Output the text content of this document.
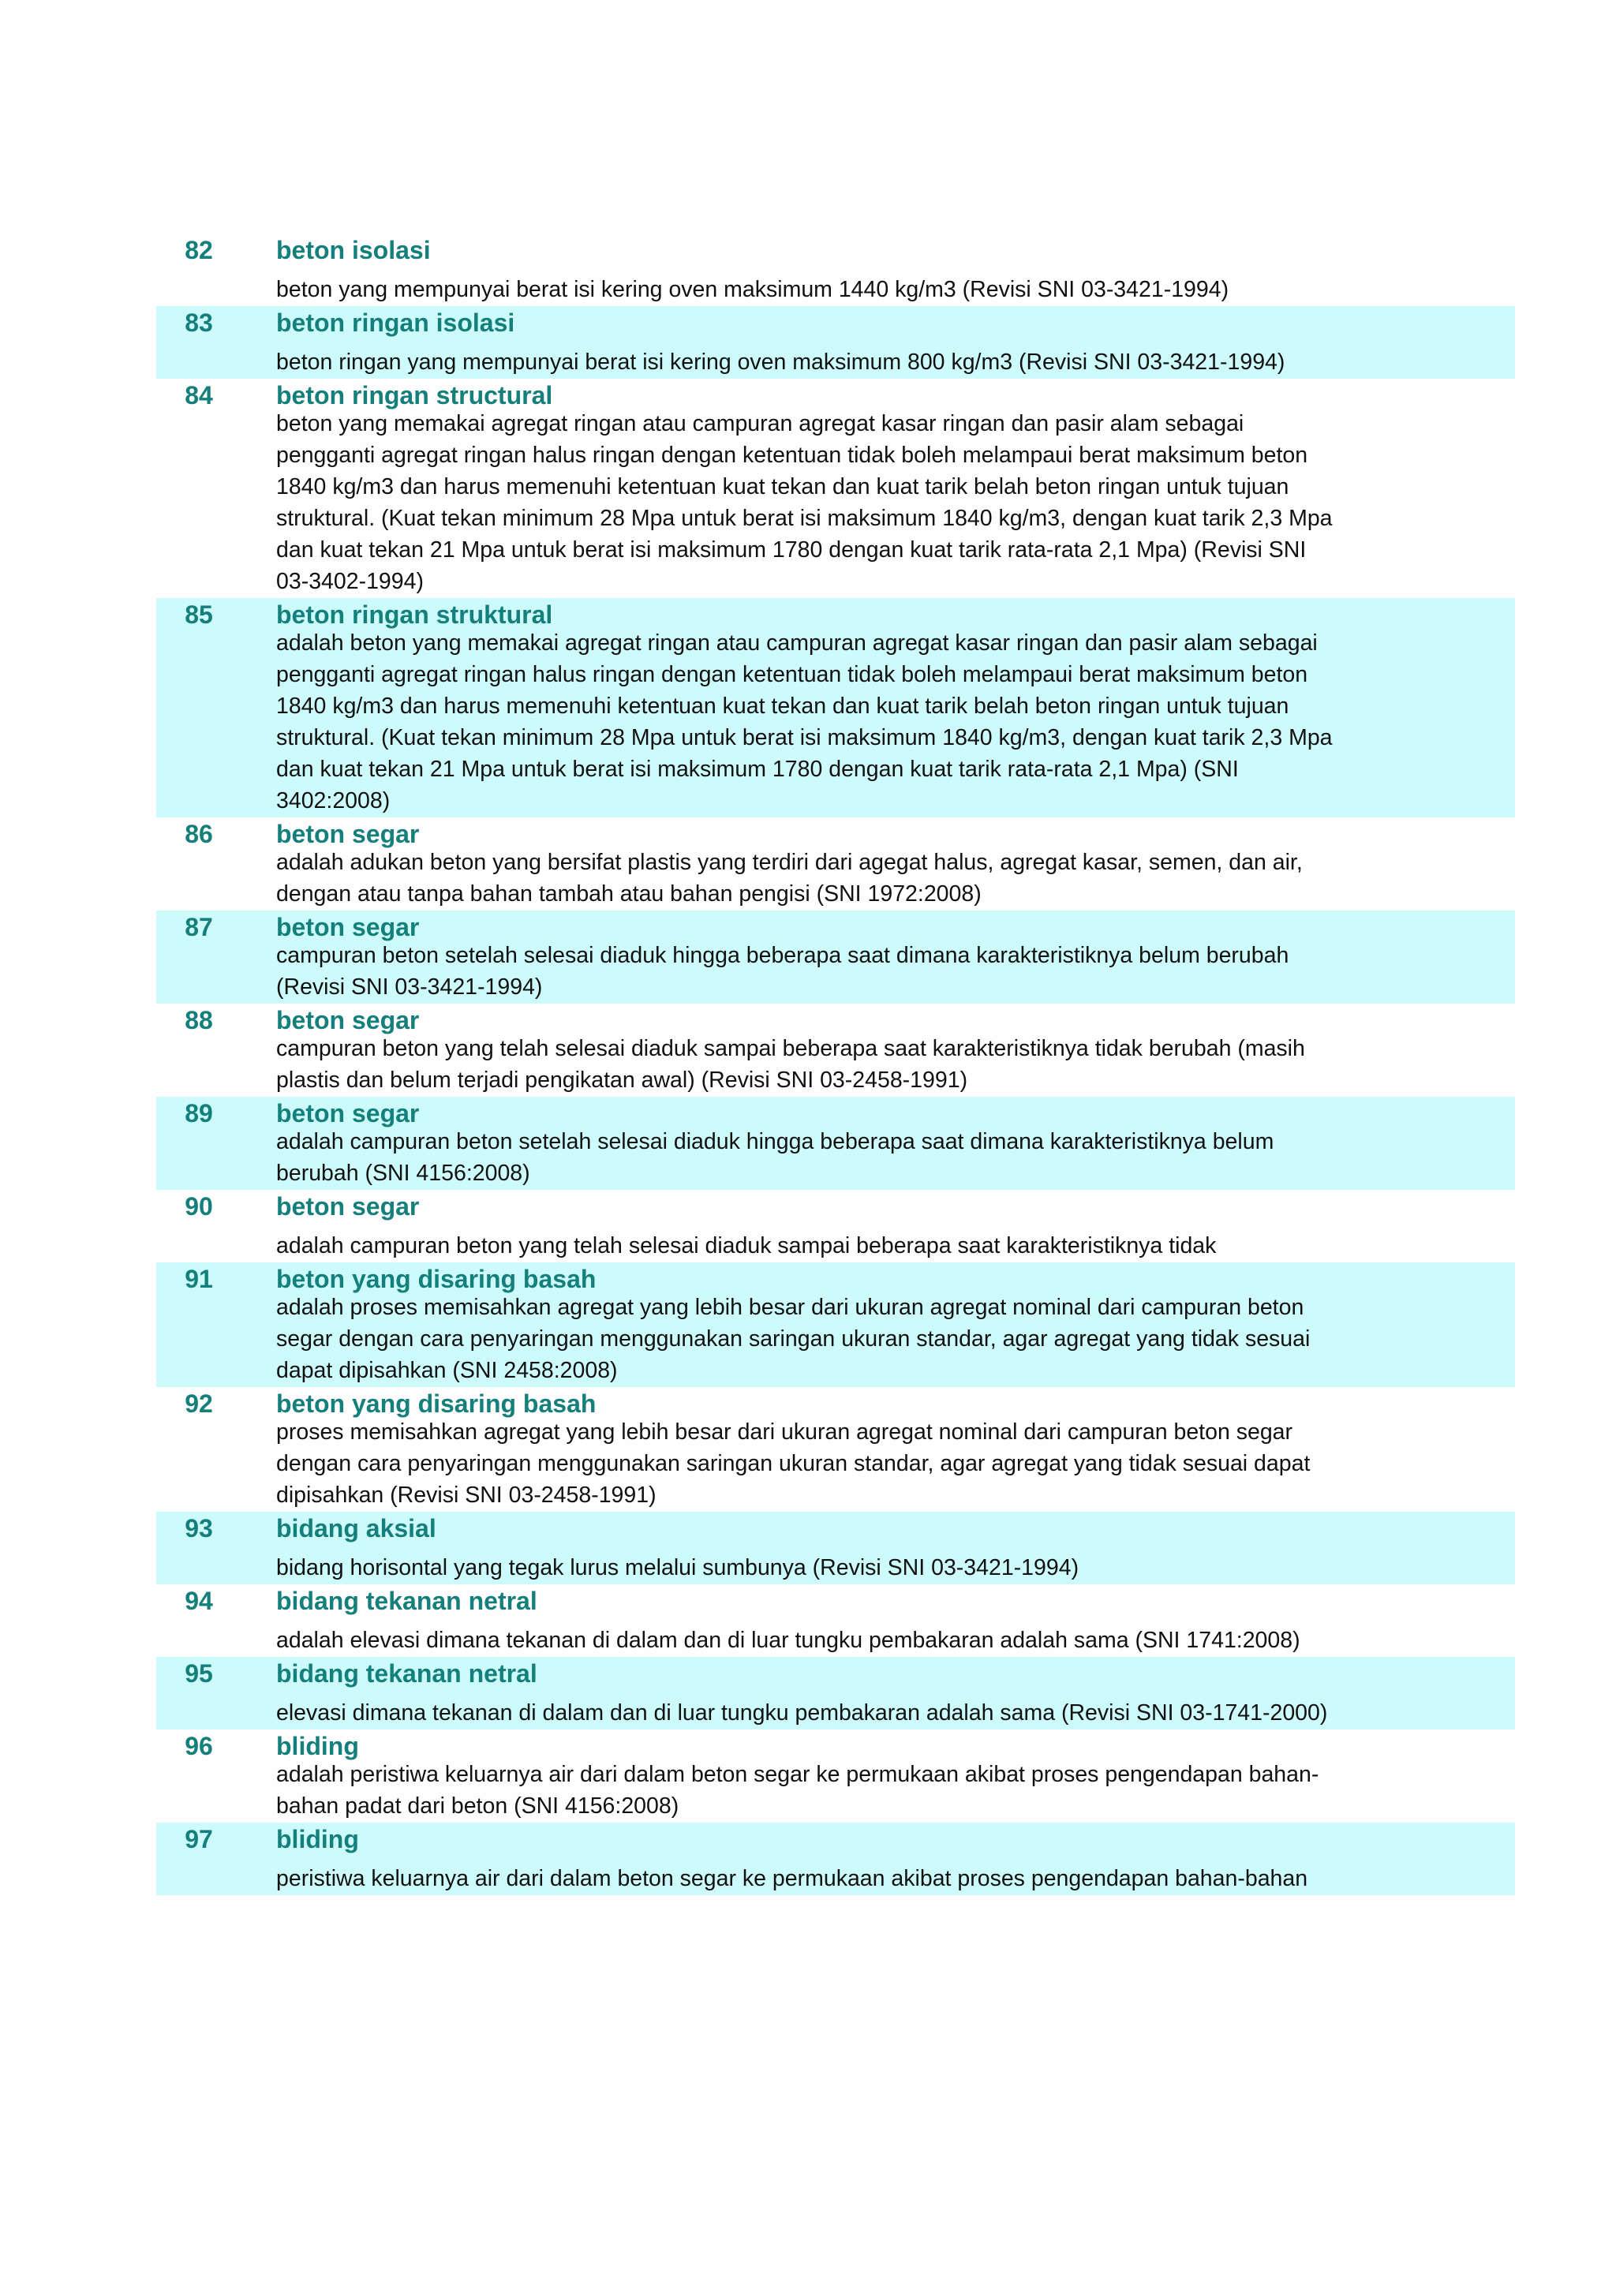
82	beton isolasi
beton yang mempunyai berat isi kering oven maksimum 1440 kg/m3 (Revisi SNI 03-3421-1994)
83	beton ringan isolasi
beton ringan yang mempunyai berat isi kering oven maksimum 800 kg/m3 (Revisi SNI 03-3421-1994)
84	beton ringan structural
beton yang memakai agregat ringan atau campuran agregat kasar ringan dan pasir alam sebagai
pengganti agregat ringan halus ringan dengan ketentuan tidak boleh melampaui berat maksimum beton
1840 kg/m3 dan harus memenuhi ketentuan kuat tekan dan kuat tarik belah beton ringan untuk tujuan
struktural. (Kuat tekan minimum 28 Mpa untuk berat isi maksimum 1840 kg/m3, dengan kuat tarik 2,3 Mpa
dan kuat tekan 21 Mpa untuk berat isi maksimum 1780 dengan kuat tarik rata-rata 2,1 Mpa) (Revisi SNI
03-3402-1994)
85	beton ringan struktural
adalah beton yang memakai agregat ringan atau campuran agregat kasar ringan dan pasir alam sebagai
pengganti agregat ringan halus ringan dengan ketentuan tidak boleh melampaui berat maksimum beton
1840 kg/m3 dan harus memenuhi ketentuan kuat tekan dan kuat tarik belah beton ringan untuk tujuan
struktural. (Kuat tekan minimum 28 Mpa untuk berat isi maksimum 1840 kg/m3, dengan kuat tarik 2,3 Mpa
dan kuat tekan 21 Mpa untuk berat isi maksimum 1780 dengan kuat tarik rata-rata 2,1 Mpa) (SNI
3402:2008)
86	beton segar
adalah adukan beton yang bersifat plastis yang terdiri dari agegat halus, agregat kasar, semen, dan air,
dengan atau tanpa bahan tambah atau bahan pengisi (SNI 1972:2008)
87	beton segar
campuran beton setelah selesai diaduk hingga beberapa saat dimana karakteristiknya belum berubah
(Revisi SNI 03-3421-1994)
88	beton segar
campuran beton yang telah selesai diaduk sampai beberapa saat karakteristiknya tidak berubah (masih
plastis dan belum terjadi pengikatan awal) (Revisi SNI 03-2458-1991)
89	beton segar
adalah campuran beton setelah selesai diaduk hingga beberapa saat dimana karakteristiknya belum
berubah (SNI 4156:2008)
90	beton segar
adalah campuran beton yang telah selesai diaduk sampai beberapa saat karakteristiknya tidak
91	beton yang disaring basah
adalah proses memisahkan agregat yang lebih besar dari ukuran agregat nominal dari campuran beton
segar dengan cara penyaringan menggunakan saringan ukuran standar, agar agregat yang tidak sesuai
dapat dipisahkan (SNI 2458:2008)
92	beton yang disaring basah
proses memisahkan agregat yang lebih besar dari ukuran agregat nominal dari campuran beton segar
dengan cara penyaringan menggunakan saringan ukuran standar, agar agregat yang tidak sesuai dapat
dipisahkan (Revisi SNI 03-2458-1991)
93	bidang aksial
bidang horisontal yang tegak lurus melalui sumbunya (Revisi SNI 03-3421-1994)
94	bidang tekanan netral
adalah elevasi dimana tekanan di dalam dan di luar tungku pembakaran adalah sama (SNI 1741:2008)
95	bidang tekanan netral
elevasi dimana tekanan di dalam dan di luar tungku pembakaran adalah sama (Revisi SNI 03-1741-2000)
96	bliding
adalah peristiwa keluarnya air dari dalam beton segar ke permukaan akibat proses pengendapan bahan-
bahan padat dari beton (SNI 4156:2008)
97	bliding
peristiwa keluarnya air dari dalam beton segar ke permukaan akibat proses pengendapan bahan-bahan
